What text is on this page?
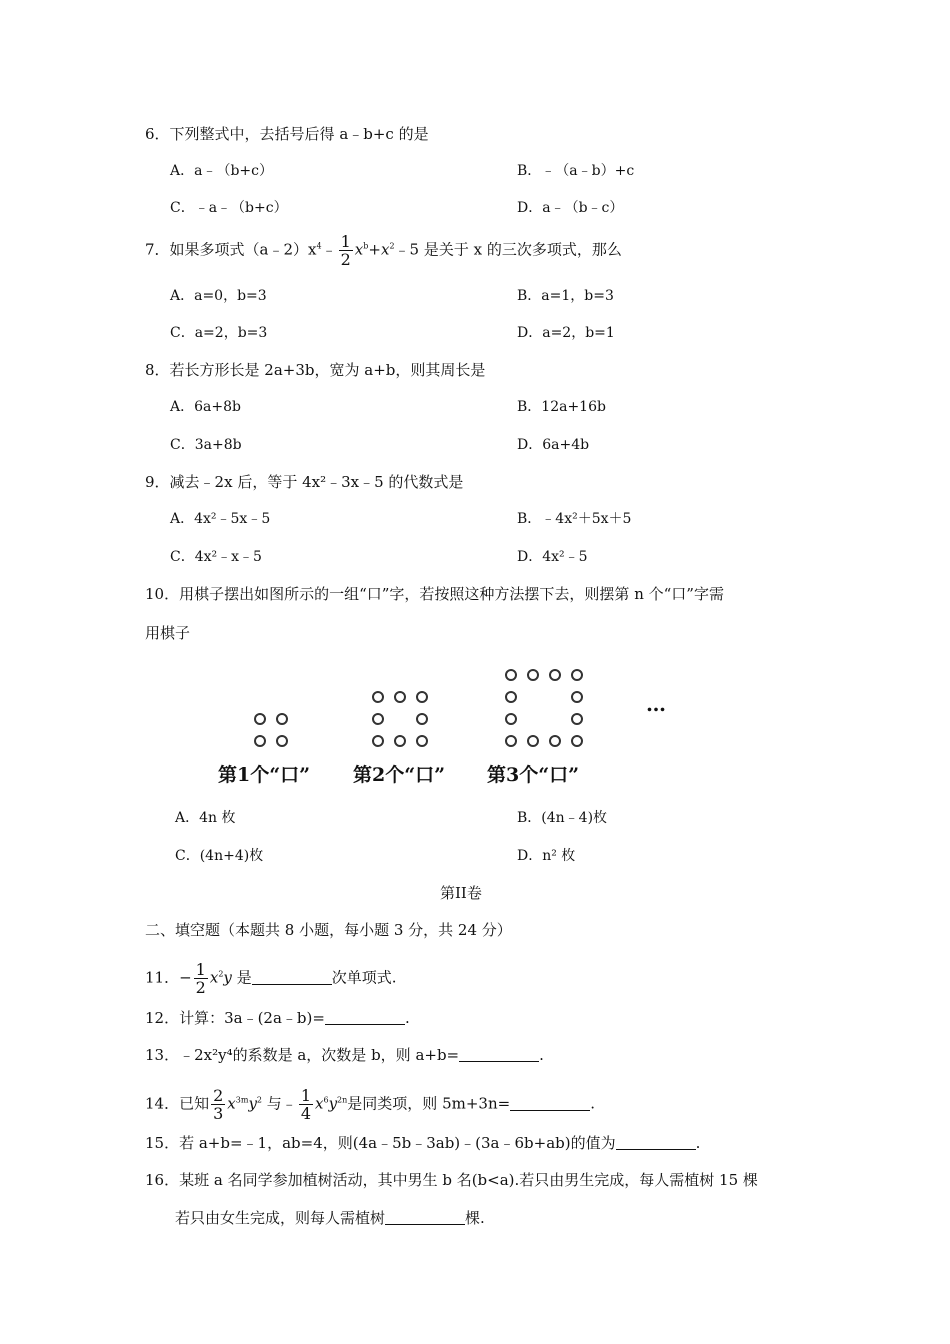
6．下列整式中，去括号后得 a﹣b+c 的是
A．a﹣（b+c）	B．﹣（a﹣b）+c
C．﹣a﹣（b+c）	D．a﹣（b﹣c）
7．如果多项式$(a﹣2)x^4﹣ \frac{1}{2}$ $x^b+x^2﹣5$ 是关于 x 的三次多项式，那么
A．a=0，b=3	B．a=1，b=3
C．a=2，b=3	D．a=2，b=1
8．若长方形长是 2a+3b，宽为 a+b，则其周长是
A．6a+8b	B．12a+16b
C．3a+8b	D．6a+4b
9．减去﹣2x 后，等于 4x²﹣3x﹣5 的代数式是
A．4x²﹣5x﹣5	B．﹣4x²＋5x＋5
C．4x²﹣x﹣5	D．4x²﹣5
10．用棋子摆出如图所示的一组“口”字，若按照这种方法摆下去，则摆第 n 个“口”字需
用棋子
…
第1个“口” 第2个“口” 第3个“口”
A．4n 枚	B．(4n﹣4)枚
C．(4n+4)枚	D．n² 枚
第II卷
二、填空题（本题共 8 小题，每小题 3 分，共 24 分）
11．− $\frac{1}{2} x^2y$ 是	次单项式.
12．计算：3a﹣(2a﹣b)=	.
13．﹣2x²y⁴的系数是 a，次数是 b，则 a+b=	.
14．已知 $\frac{2}{3} x^{3m}y^2$ 与﹣ $\frac{1}{4} x^6y^{2n}$是同类项，则 5m+3n=	.
15．若 a+b=﹣1，ab=4，则(4a﹣5b﹣3ab)﹣(3a﹣6b+ab)的值为	.
16．某班 a 名同学参加植树活动，其中男生 b 名(b<a).若只由男生完成，每人需植树 15 棵
若只由女生完成，则每人需植树	棵.
